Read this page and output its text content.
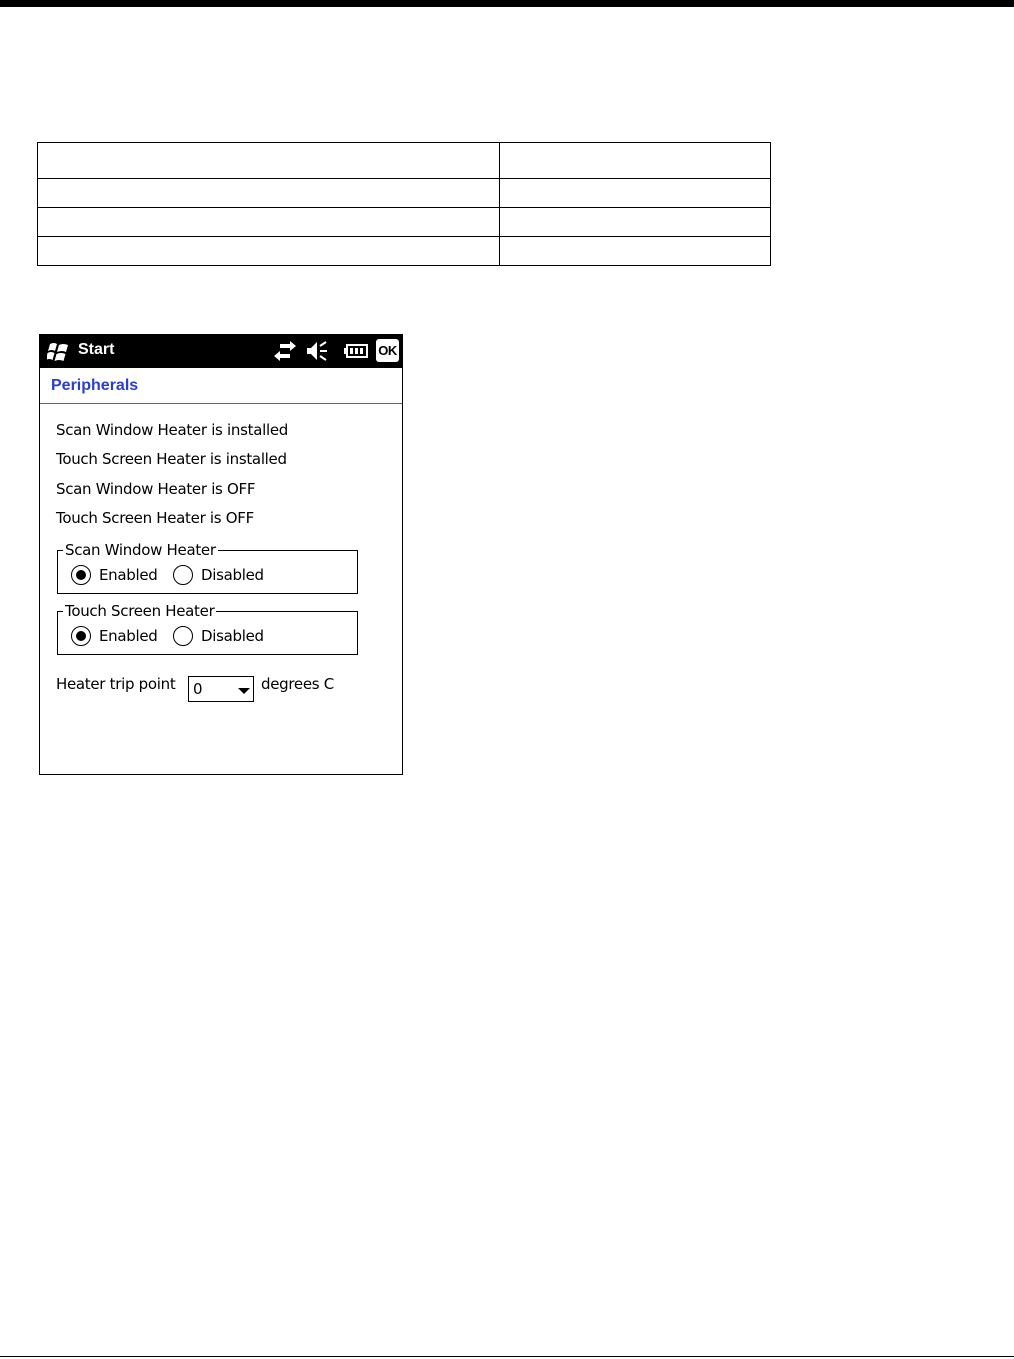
Start	OK
Peripherals
Scan Window Heater is installed
Touch Screen Heater is installed
Scan Window Heater is OFF
Touch Screen Heater is OFF
Scan Window Heater
Enabled	Disabled
Touch Screen Heater
Enabled	Disabled
Heater trip point 0	degrees C
